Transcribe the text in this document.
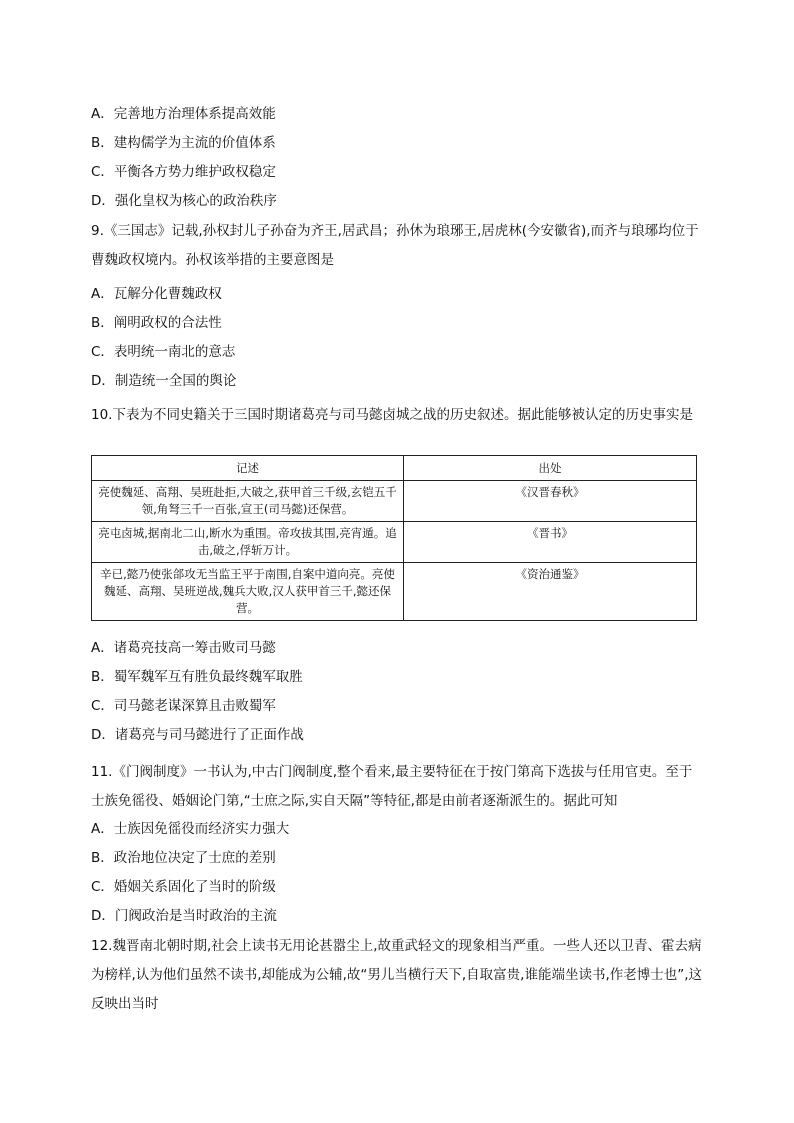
A．完善地方治理体系提高效能
B．建构儒学为主流的价值体系
C．平衡各方势力维护政权稳定
D．强化皇权为核心的政治秩序
9.《三国志》记载,孙权封儿子孙奋为齐王,居武昌；孙休为琅琊王,居虎林(今安徽省),而齐与琅琊均位于曹魏政权境内。孙权该举措的主要意图是
A．瓦解分化曹魏政权
B．阐明政权的合法性
C．表明统一南北的意志
D．制造统一全国的舆论
10.下表为不同史籍关于三国时期诸葛亮与司马懿卤城之战的历史叙述。据此能够被认定的历史事实是
记述	出处
亮使魏延、高翔、吴班赴拒,大破之,获甲首三千级,玄铠五千领,角弩三千一百张,宣王(司马懿)还保营。	《汉晋春秋》
亮屯卤城,据南北二山,断水为重围。帝攻拔其围,亮宵遁。追击,破之,俘斩万计。	《晋书》
辛已,懿乃使张郃攻无当监王平于南围,自案中道向亮。亮使魏延、高翔、吴班逆战,魏兵大败,汉人获甲首三千,懿还保营。	《资治通鉴》
A．诸葛亮技高一筹击败司马懿
B．蜀军魏军互有胜负最终魏军取胜
C．司马懿老谋深算且击败蜀军
D．诸葛亮与司马懿进行了正面作战
11.《门阀制度》一书认为,中古门阀制度,整个看来,最主要特征在于按门第高下选拔与任用官吏。至于士族免徭役、婚姻论门第,“士庶之际,实自天隔”等特征,都是由前者逐渐派生的。据此可知
A．士族因免徭役而经济实力强大
B．政治地位决定了士庶的差别
C．婚姻关系固化了当时的阶级
D．门阀政治是当时政治的主流
12.魏晋南北朝时期,社会上读书无用论甚嚣尘上,故重武轻文的现象相当严重。一些人还以卫青、霍去病为榜样,认为他们虽然不读书,却能成为公辅,故“男儿当横行天下,自取富贵,谁能端坐读书,作老博士也”,这反映出当时
